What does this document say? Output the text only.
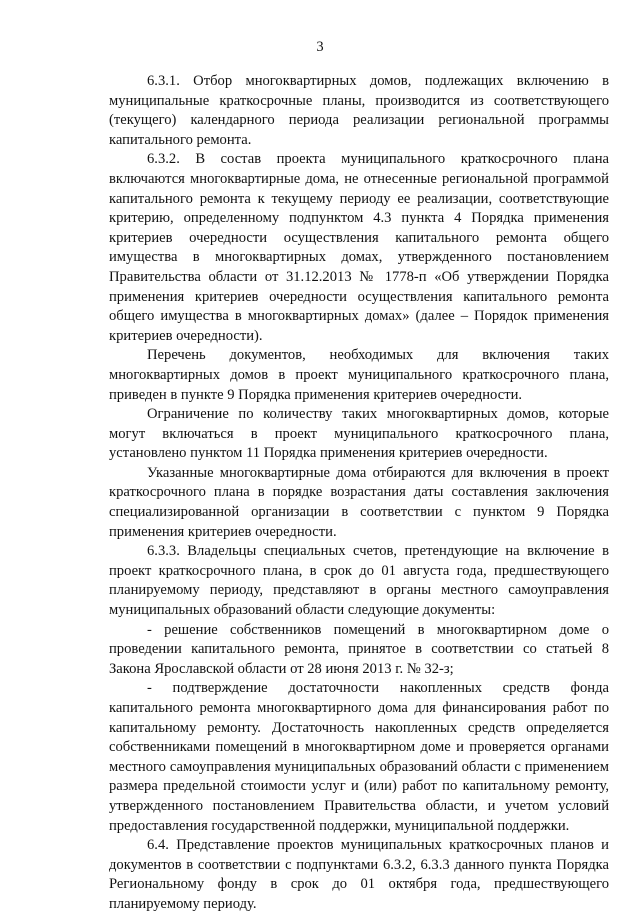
3

6.3.1. Отбор многоквартирных домов, подлежащих включению в муниципальные краткосрочные планы, производится из соответствующего (текущего) календарного периода реализации региональной программы капитального ремонта.

6.3.2. В состав проекта муниципального краткосрочного плана включаются многоквартирные дома, не отнесенные региональной программой капитального ремонта к текущему периоду ее реализации, соответствующие критерию, определенному подпунктом 4.3 пункта 4 Порядка применения критериев очередности осуществления капитального ремонта общего имущества в многоквартирных домах, утвержденного постановлением Правительства области от 31.12.2013 № 1778-п «Об утверждении Порядка применения критериев очередности осуществления капитального ремонта общего имущества в многоквартирных домах» (далее – Порядок применения критериев очередности).

Перечень документов, необходимых для включения таких многоквартирных домов в проект муниципального краткосрочного плана, приведен в пункте 9 Порядка применения критериев очередности.

Ограничение по количеству таких многоквартирных домов, которые могут включаться в проект муниципального краткосрочного плана, установлено пунктом 11 Порядка применения критериев очередности.

Указанные многоквартирные дома отбираются для включения в проект краткосрочного плана в порядке возрастания даты составления заключения специализированной организации в соответствии с пунктом 9 Порядка применения критериев очередности.

6.3.3. Владельцы специальных счетов, претендующие на включение в проект краткосрочного плана, в срок до 01 августа года, предшествующего планируемому периоду, представляют в органы местного самоуправления муниципальных образований области следующие документы:

- решение собственников помещений в многоквартирном доме о проведении капитального ремонта, принятое в соответствии со статьей 8 Закона Ярославской области от 28 июня 2013 г. № 32-з;

- подтверждение достаточности накопленных средств фонда капитального ремонта многоквартирного дома для финансирования работ по капитальному ремонту. Достаточность накопленных средств определяется собственниками помещений в многоквартирном доме и проверяется органами местного самоуправления муниципальных образований области с применением размера предельной стоимости услуг и (или) работ по капитальному ремонту, утвержденного постановлением Правительства области, и учетом условий предоставления государственной поддержки, муниципальной поддержки.

6.4. Представление проектов муниципальных краткосрочных планов и документов в соответствии с подпунктами 6.3.2, 6.3.3 данного пункта Порядка Региональному фонду в срок до 01 октября года, предшествующего планируемому периоду.
